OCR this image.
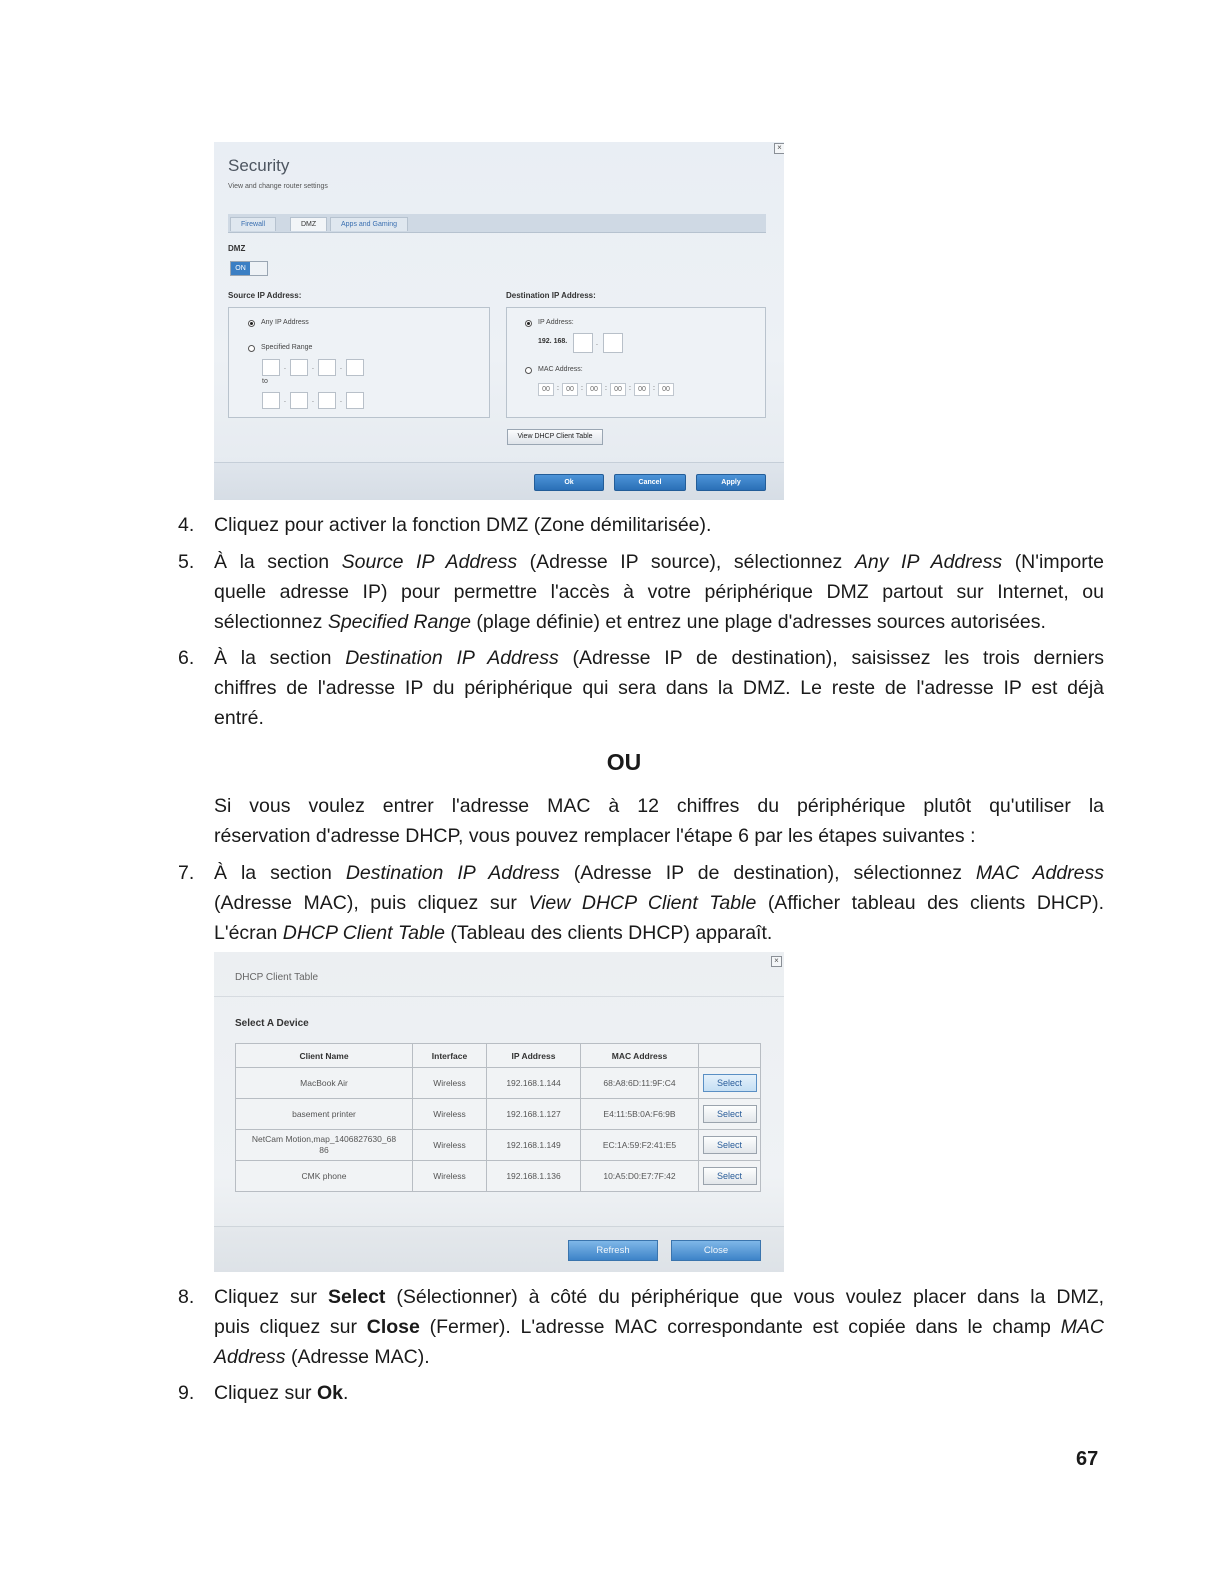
×
Security
View and change router settings
Firewall	DMZ	Apps and Gaming
DMZ
ON
Source IP Address:	Destination IP Address:
Any IP Address
Specified Range
.	.	.
to
.	.	.
IP Address:
192. 168.	.
MAC Address:
00	:	00	:	00	:	00	:	00	:	00
View DHCP Client Table
Ok	Cancel	Apply
4. Cliquez pour activer la fonction DMZ (Zone démilitarisée).
5. À la section Source IP Address (Adresse IP source), sélectionnez Any IP Address (N'importe
quelle adresse IP) pour permettre l'accès à votre périphérique DMZ partout sur Internet, ou
sélectionnez Specified Range (plage définie) et entrez une plage d'adresses sources autorisées.
6. À la section Destination IP Address (Adresse IP de destination), saisissez les trois derniers
chiffres de l'adresse IP du périphérique qui sera dans la DMZ. Le reste de l'adresse IP est déjà
entré.
OU
Si vous voulez entrer l'adresse MAC à 12 chiffres du périphérique plutôt qu'utiliser la
réservation d'adresse DHCP, vous pouvez remplacer l'étape 6 par les étapes suivantes :
7. À la section Destination IP Address (Adresse IP de destination), sélectionnez MAC Address
(Adresse MAC), puis cliquez sur View DHCP Client Table (Afficher tableau des clients DHCP).
L'écran DHCP Client Table (Tableau des clients DHCP) apparaît.
×
DHCP Client Table
Select A Device
Client Name	Interface	IP Address	MAC Address	
MacBook Air	Wireless	192.168.1.144	68:A8:6D:11:9F:C4	Select
basement printer	Wireless	192.168.1.127	E4:11:5B:0A:F6:9B	Select
NetCam Motion,map_1406827630_68
86	Wireless	192.168.1.149	EC:1A:59:F2:41:E5	Select
CMK phone	Wireless	192.168.1.136	10:A5:D0:E7:7F:42	Select
Refresh	Close
8. Cliquez sur Select (Sélectionner) à côté du périphérique que vous voulez placer dans la DMZ,
puis cliquez sur Close (Fermer). L'adresse MAC correspondante est copiée dans le champ MAC
Address (Adresse MAC).
9. Cliquez sur Ok.
67
